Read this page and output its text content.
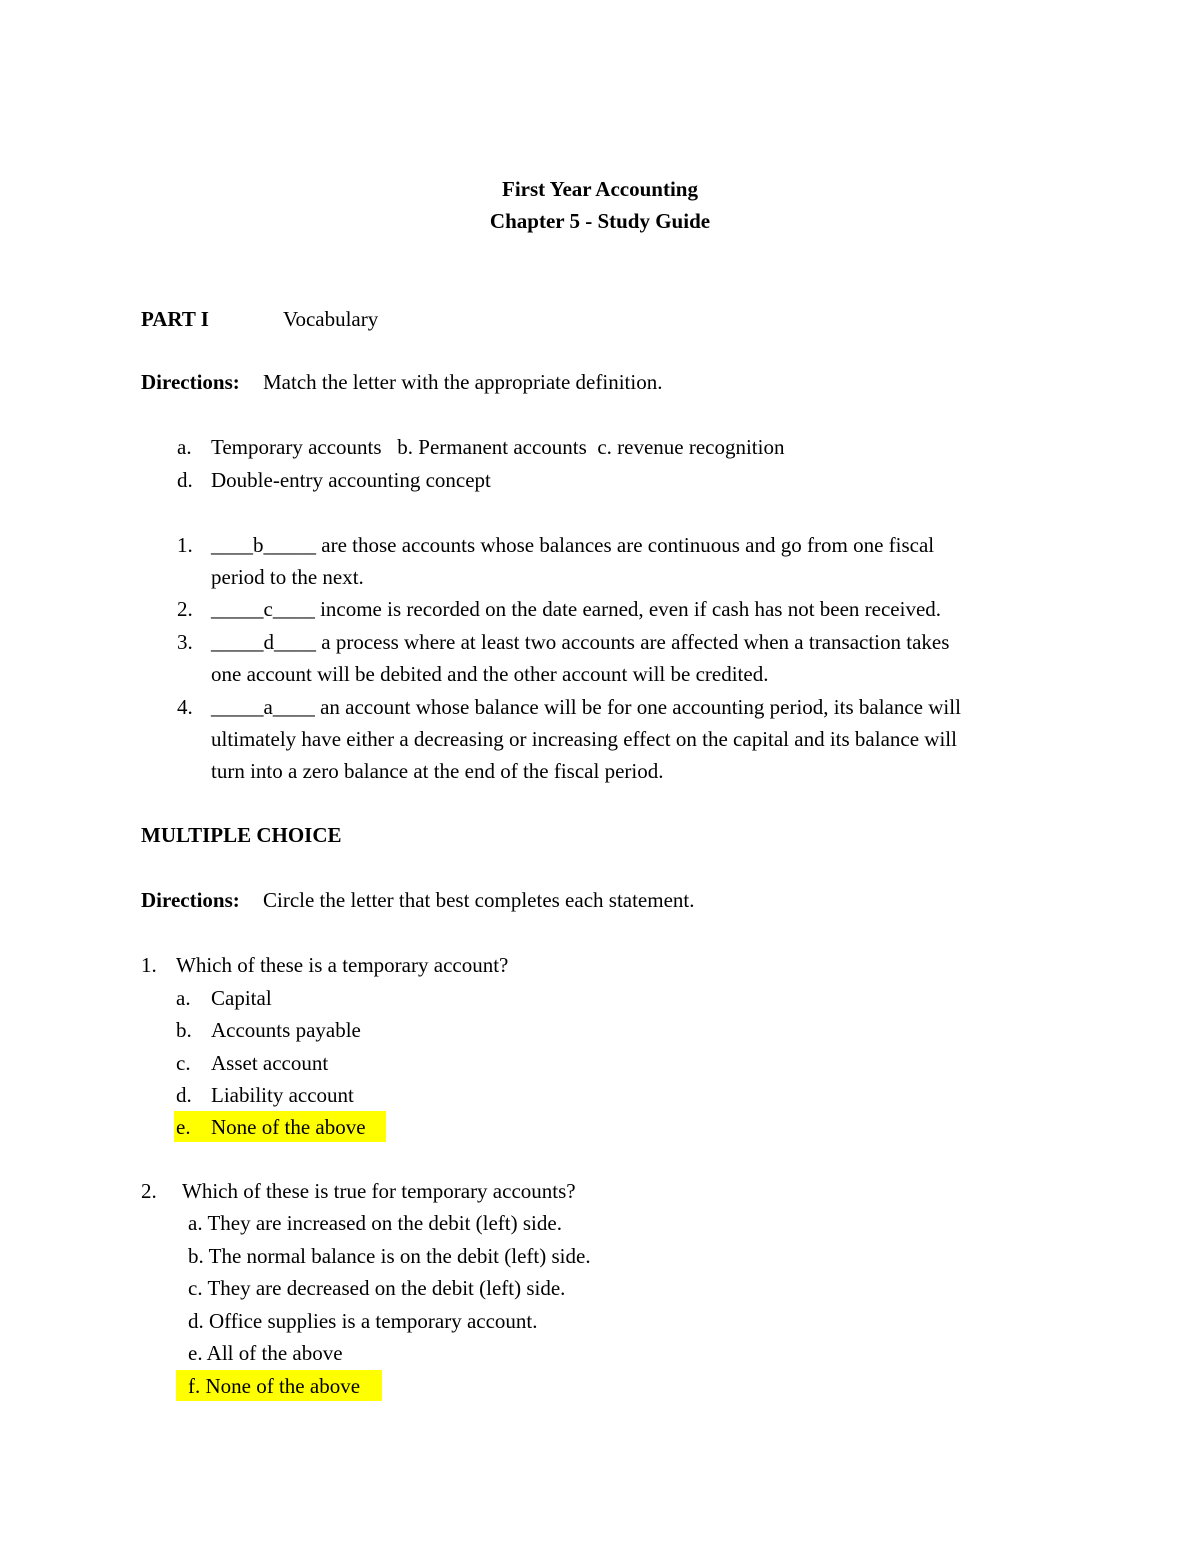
First Year Accounting
Chapter 5 - Study Guide
PART I	Vocabulary
Directions: Match the letter with the appropriate definition.
a. Temporary accounts   b. Permanent accounts  c. revenue recognition
d. Double-entry accounting concept
1. ____b_____ are those accounts whose balances are continuous and go from one fiscal
period to the next.
2. _____c____ income is recorded on the date earned, even if cash has not been received.
3. _____d____ a process where at least two accounts are affected when a transaction takes
one account will be debited and the other account will be credited.
4. _____a____ an account whose balance will be for one accounting period, its balance will
ultimately have either a decreasing or increasing effect on the capital and its balance will
turn into a zero balance at the end of the fiscal period.
MULTIPLE CHOICE
Directions: Circle the letter that best completes each statement.
1. Which of these is a temporary account?
a. Capital
b. Accounts payable
c. Asset account
d. Liability account
e. None of the above
2. Which of these is true for temporary accounts?
a. They are increased on the debit (left) side.
b. The normal balance is on the debit (left) side.
c. They are decreased on the debit (left) side.
d. Office supplies is a temporary account.
e. All of the above
f. None of the above
